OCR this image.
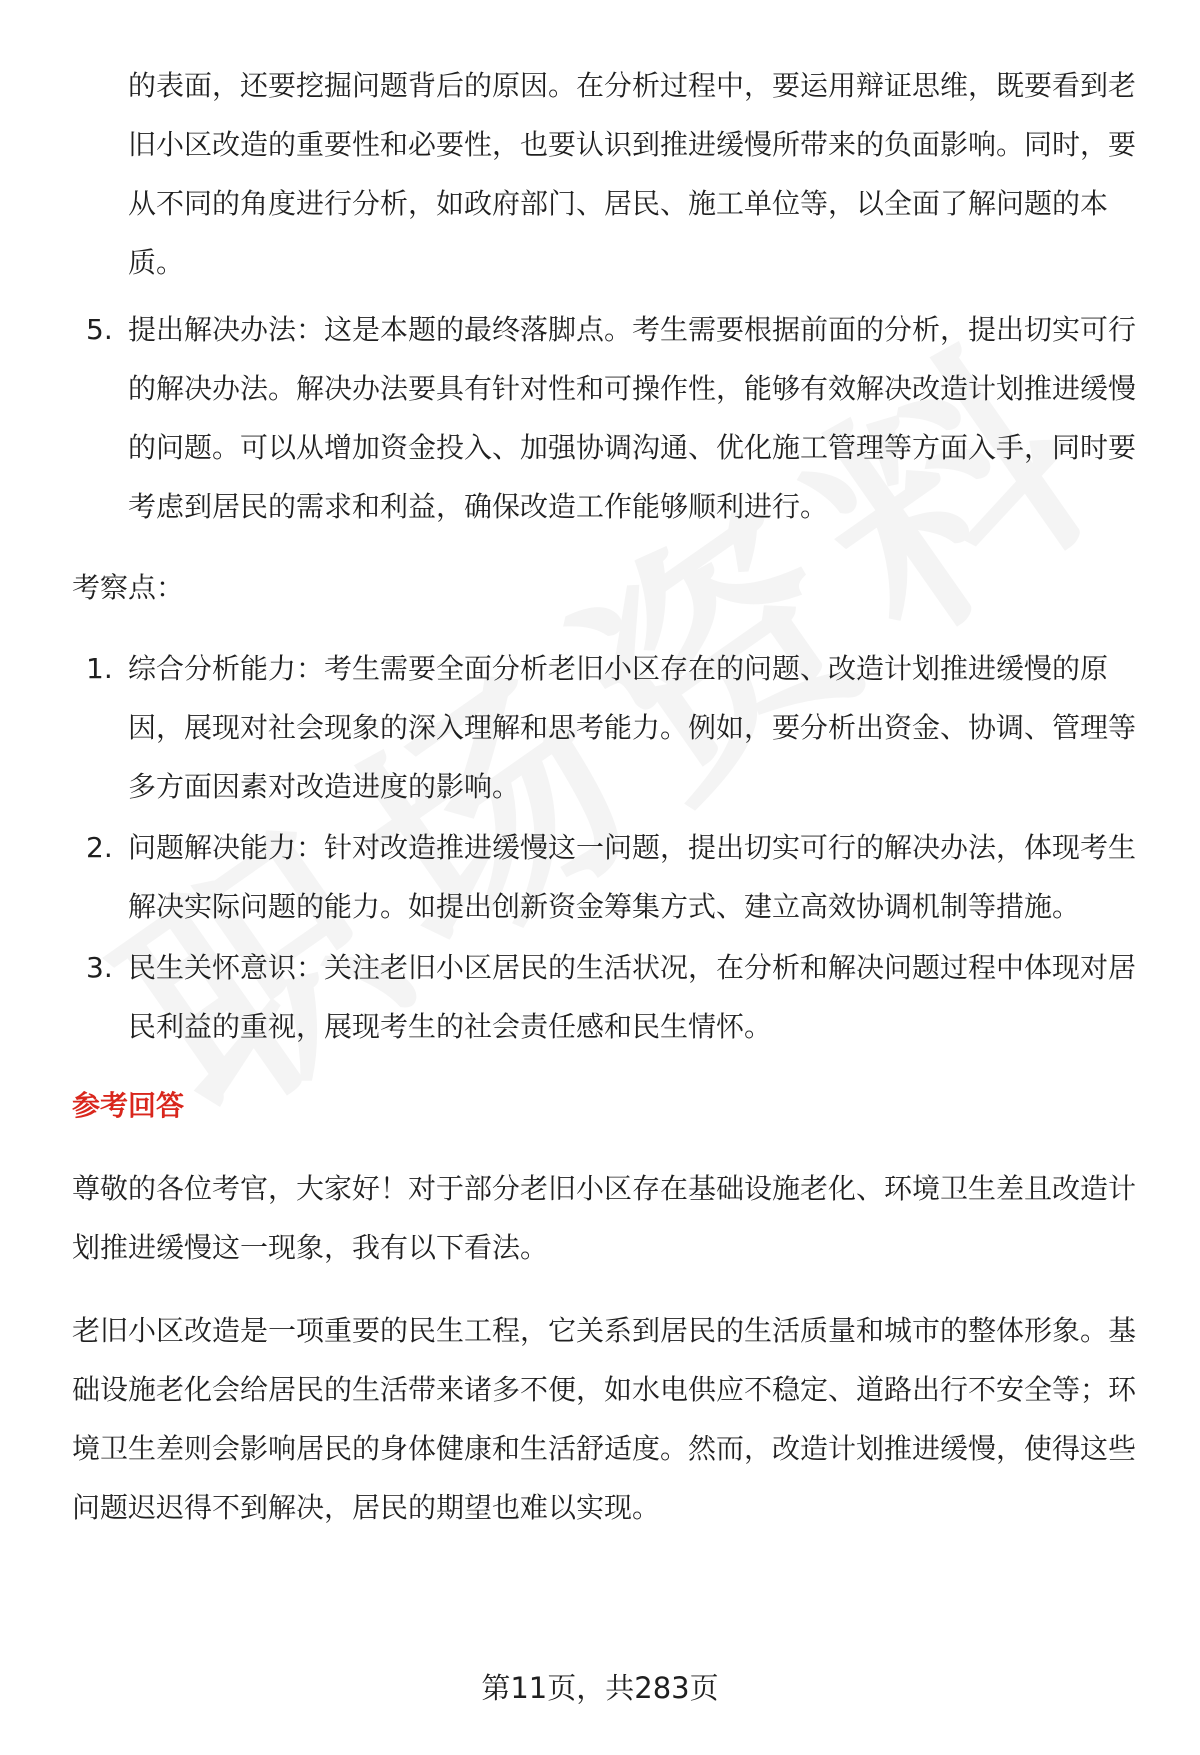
的表面，还要挖掘问题背后的原因。在分析过程中，要运用辩证思维，既要看到老旧小区改造的重要性和必要性，也要认识到推进缓慢所带来的负面影响。同时，要从不同的角度进行分析，如政府部门、居民、施工单位等，以全面了解问题的本质。

5. 提出解决办法：这是本题的最终落脚点。考生需要根据前面的分析，提出切实可行的解决办法。解决办法要具有针对性和可操作性，能够有效解决改造计划推进缓慢的问题。可以从增加资金投入、加强协调沟通、优化施工管理等方面入手，同时要考虑到居民的需求和利益，确保改造工作能够顺利进行。

考察点：

1. 综合分析能力：考生需要全面分析老旧小区存在的问题、改造计划推进缓慢的原因，展现对社会现象的深入理解和思考能力。例如，要分析出资金、协调、管理等多方面因素对改造进度的影响。

2. 问题解决能力：针对改造推进缓慢这一问题，提出切实可行的解决办法，体现考生解决实际问题的能力。如提出创新资金筹集方式、建立高效协调机制等措施。

3. 民生关怀意识：关注老旧小区居民的生活状况，在分析和解决问题过程中体现对居民利益的重视，展现考生的社会责任感和民生情怀。

参考回答

尊敬的各位考官，大家好！对于部分老旧小区存在基础设施老化、环境卫生差且改造计划推进缓慢这一现象，我有以下看法。

老旧小区改造是一项重要的民生工程，它关系到居民的生活质量和城市的整体形象。基础设施老化会给居民的生活带来诸多不便，如水电供应不稳定、道路出行不安全等；环境卫生差则会影响居民的身体健康和生活舒适度。然而，改造计划推进缓慢，使得这些问题迟迟得不到解决，居民的期望也难以实现。

第11页，共283页
